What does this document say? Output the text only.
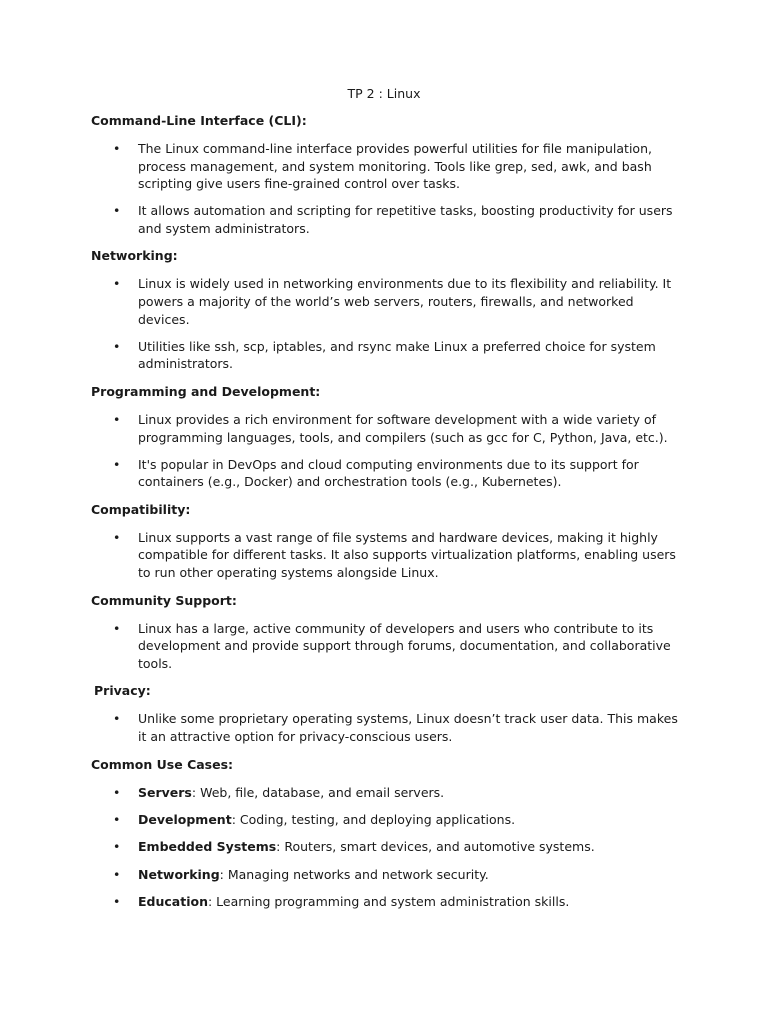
TP 2 : Linux
Command-Line Interface (CLI):
• The Linux command-line interface provides powerful utilities for file manipulation, process management, and system monitoring. Tools like grep, sed, awk, and bash scripting give users fine-grained control over tasks.
• It allows automation and scripting for repetitive tasks, boosting productivity for users and system administrators.
Networking:
• Linux is widely used in networking environments due to its flexibility and reliability. It powers a majority of the world’s web servers, routers, firewalls, and networked devices.
• Utilities like ssh, scp, iptables, and rsync make Linux a preferred choice for system administrators.
Programming and Development:
• Linux provides a rich environment for software development with a wide variety of programming languages, tools, and compilers (such as gcc for C, Python, Java, etc.).
• It's popular in DevOps and cloud computing environments due to its support for containers (e.g., Docker) and orchestration tools (e.g., Kubernetes).
Compatibility:
• Linux supports a vast range of file systems and hardware devices, making it highly compatible for different tasks. It also supports virtualization platforms, enabling users to run other operating systems alongside Linux.
Community Support:
• Linux has a large, active community of developers and users who contribute to its development and provide support through forums, documentation, and collaborative tools.
Privacy:
• Unlike some proprietary operating systems, Linux doesn’t track user data. This makes it an attractive option for privacy-conscious users.
Common Use Cases:
• Servers: Web, file, database, and email servers.
• Development: Coding, testing, and deploying applications.
• Embedded Systems: Routers, smart devices, and automotive systems.
• Networking: Managing networks and network security.
• Education: Learning programming and system administration skills.
